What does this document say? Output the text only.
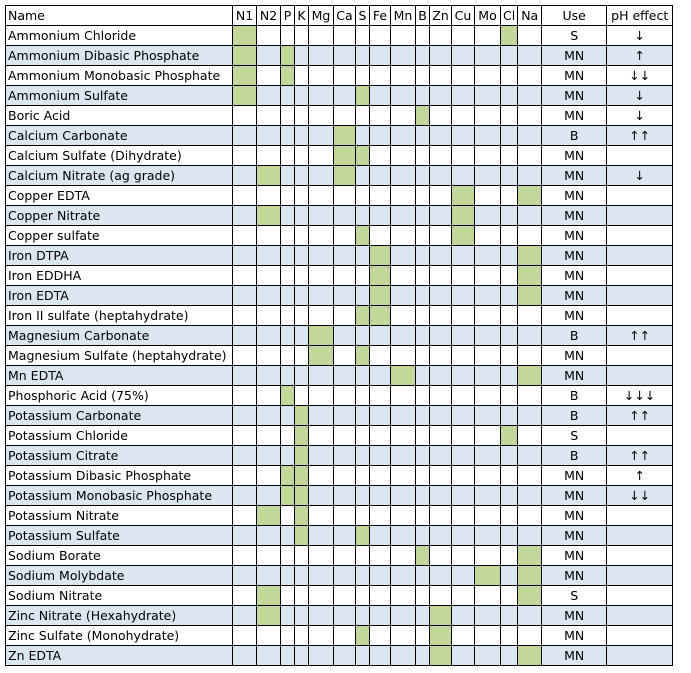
Name	N1	N2	P	K	Mg	Ca	S	Fe	Mn	B	Zn	Cu	Mo	Cl	Na	Use	pH effect
Ammonium Chloride																S	↓
Ammonium Dibasic Phosphate																MN	↑
Ammonium Monobasic Phosphate																MN	↓↓
Ammonium Sulfate																MN	↓
Boric Acid																MN	↓
Calcium Carbonate																B	↑↑
Calcium Sulfate (Dihydrate)																MN	
Calcium Nitrate (ag grade)																MN	↓
Copper EDTA																MN	
Copper Nitrate																MN	
Copper sulfate																MN	
Iron DTPA																MN	
Iron EDDHA																MN	
Iron EDTA																MN	
Iron II sulfate (heptahydrate)																MN	
Magnesium Carbonate																B	↑↑
Magnesium Sulfate (heptahydrate)																MN	
Mn EDTA																MN	
Phosphoric Acid (75%)																B	↓↓↓
Potassium Carbonate																B	↑↑
Potassium Chloride																S	
Potassium Citrate																B	↑↑
Potassium Dibasic Phosphate																MN	↑
Potassium Monobasic Phosphate																MN	↓↓
Potassium Nitrate																MN	
Potassium Sulfate																MN	
Sodium Borate																MN	
Sodium Molybdate																MN	
Sodium Nitrate																S	
Zinc Nitrate (Hexahydrate)																MN	
Zinc Sulfate (Monohydrate)																MN	
Zn EDTA																MN	
